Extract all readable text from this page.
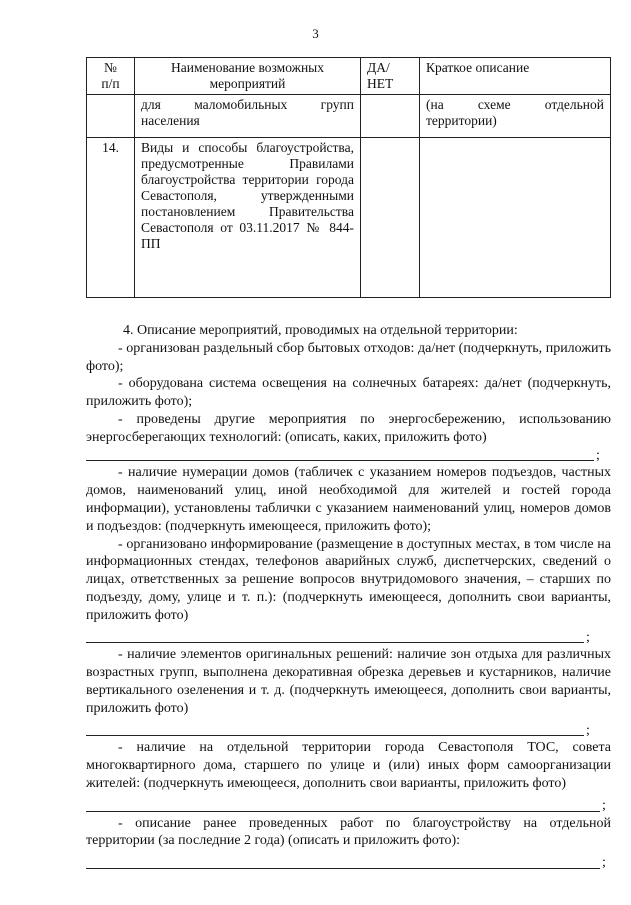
3
№
п/п	Наименование возможных мероприятий	ДА/ НЕТ	Краткое описание
	для маломобильных групп населения		(на схеме отдельной территории)
14.	Виды и способы благоустройства, предусмотренные Правилами благоустройства территории города Севастополя, утвержденными постановлением Правительства Севастополя от 03.11.2017 № 844-ПП		

4. Описание мероприятий, проводимых на отдельной территории:

- организован раздельный сбор бытовых отходов: да/нет (подчеркнуть, приложить фото);

- оборудована система освещения на солнечных батареях: да/нет (подчеркнуть, приложить фото);

- проведены другие мероприятия по энергосбережению, использованию энергосберегающих технологий: (описать, каких, приложить фото)

;

- наличие нумерации домов (табличек с указанием номеров подъездов, частных домов, наименований улиц, иной необходимой для жителей и гостей города информации), установлены таблички с указанием наименований улиц, номеров домов и подъездов: (подчеркнуть имеющееся, приложить фото);

- организовано информирование (размещение в доступных местах, в том числе на информационных стендах, телефонов аварийных служб, диспетчерских, сведений о лицах, ответственных за решение вопросов внутридомового значения, – старших по подъезду, дому, улице и т. п.): (подчеркнуть имеющееся, дополнить свои варианты, приложить фото)

;

- наличие элементов оригинальных решений: наличие зон отдыха для различных возрастных групп, выполнена декоративная обрезка деревьев и кустарников, наличие вертикального озеленения и т. д. (подчеркнуть имеющееся, дополнить свои варианты, приложить фото)

;

- наличие на отдельной территории города Севастополя ТОС, совета многоквартирного дома, старшего по улице и (или) иных форм самоорганизации жителей: (подчеркнуть имеющееся, дополнить свои варианты, приложить фото)

;

- описание ранее проведенных работ по благоустройству на отдельной территории (за последние 2 года) (описать и приложить фото):

;
